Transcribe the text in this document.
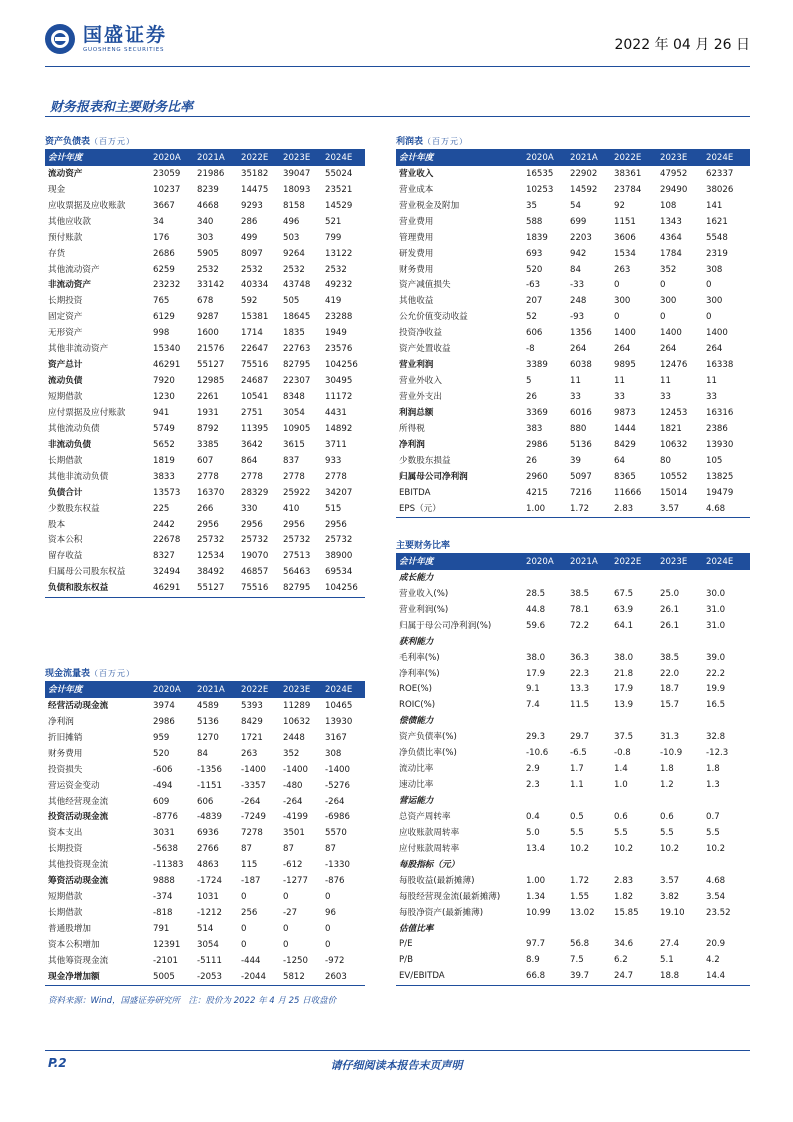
国盛证券
GUOSHENG SECURITIES	2022 年 04 月 26 日
财务报表和主要财务比率
资产负债表（百万元）
会计年度	2020A	2021A	2022E	2023E	2024E
流动资产	23059	21986	35182	39047	55024
现金	10237	8239	14475	18093	23521
应收票据及应收账款	3667	4668	9293	8158	14529
其他应收款	34	340	286	496	521
预付账款	176	303	499	503	799
存货	2686	5905	8097	9264	13122
其他流动资产	6259	2532	2532	2532	2532
非流动资产	23232	33142	40334	43748	49232
长期投资	765	678	592	505	419
固定资产	6129	9287	15381	18645	23288
无形资产	998	1600	1714	1835	1949
其他非流动资产	15340	21576	22647	22763	23576
资产总计	46291	55127	75516	82795	104256
流动负债	7920	12985	24687	22307	30495
短期借款	1230	2261	10541	8348	11172
应付票据及应付账款	941	1931	2751	3054	4431
其他流动负债	5749	8792	11395	10905	14892
非流动负债	5652	3385	3642	3615	3711
长期借款	1819	607	864	837	933
其他非流动负债	3833	2778	2778	2778	2778
负债合计	13573	16370	28329	25922	34207
少数股东权益	225	266	330	410	515
股本	2442	2956	2956	2956	2956
资本公积	22678	25732	25732	25732	25732
留存收益	8327	12534	19070	27513	38900
归属母公司股东权益	32494	38492	46857	56463	69534
负债和股东权益	46291	55127	75516	82795	104256
利润表（百万元）
会计年度	2020A	2021A	2022E	2023E	2024E
营业收入	16535	22902	38361	47952	62337
营业成本	10253	14592	23784	29490	38026
营业税金及附加	35	54	92	108	141
营业费用	588	699	1151	1343	1621
管理费用	1839	2203	3606	4364	5548
研发费用	693	942	1534	1784	2319
财务费用	520	84	263	352	308
资产减值损失	-63	-33	0	0	0
其他收益	207	248	300	300	300
公允价值变动收益	52	-93	0	0	0
投资净收益	606	1356	1400	1400	1400
资产处置收益	-8	264	264	264	264
营业利润	3389	6038	9895	12476	16338
营业外收入	5	11	11	11	11
营业外支出	26	33	33	33	33
利润总额	3369	6016	9873	12453	16316
所得税	383	880	1444	1821	2386
净利润	2986	5136	8429	10632	13930
少数股东损益	26	39	64	80	105
归属母公司净利润	2960	5097	8365	10552	13825
EBITDA	4215	7216	11666	15014	19479
EPS（元）	1.00	1.72	2.83	3.57	4.68
主要财务比率
会计年度	2020A	2021A	2022E	2023E	2024E
成长能力					
营业收入(%)	28.5	38.5	67.5	25.0	30.0
营业利润(%)	44.8	78.1	63.9	26.1	31.0
归属于母公司净利润(%)	59.6	72.2	64.1	26.1	31.0
获利能力					
毛利率(%)	38.0	36.3	38.0	38.5	39.0
净利率(%)	17.9	22.3	21.8	22.0	22.2
ROE(%)	9.1	13.3	17.9	18.7	19.9
ROIC(%)	7.4	11.5	13.9	15.7	16.5
偿债能力					
资产负债率(%)	29.3	29.7	37.5	31.3	32.8
净负债比率(%)	-10.6	-6.5	-0.8	-10.9	-12.3
流动比率	2.9	1.7	1.4	1.8	1.8
速动比率	2.3	1.1	1.0	1.2	1.3
营运能力					
总资产周转率	0.4	0.5	0.6	0.6	0.7
应收账款周转率	5.0	5.5	5.5	5.5	5.5
应付账款周转率	13.4	10.2	10.2	10.2	10.2
每股指标（元）					
每股收益(最新摊薄)	1.00	1.72	2.83	3.57	4.68
每股经营现金流(最新摊薄)	1.34	1.55	1.82	3.82	3.54
每股净资产(最新摊薄)	10.99	13.02	15.85	19.10	23.52
估值比率					
P/E	97.7	56.8	34.6	27.4	20.9
P/B	8.9	7.5	6.2	5.1	4.2
EV/EBITDA	66.8	39.7	24.7	18.8	14.4
现金流量表（百万元）
会计年度	2020A	2021A	2022E	2023E	2024E
经营活动现金流	3974	4589	5393	11289	10465
净利润	2986	5136	8429	10632	13930
折旧摊销	959	1270	1721	2448	3167
财务费用	520	84	263	352	308
投资损失	-606	-1356	-1400	-1400	-1400
营运资金变动	-494	-1151	-3357	-480	-5276
其他经营现金流	609	606	-264	-264	-264
投资活动现金流	-8776	-4839	-7249	-4199	-6986
资本支出	3031	6936	7278	3501	5570
长期投资	-5638	2766	87	87	87
其他投资现金流	-11383	4863	115	-612	-1330
筹资活动现金流	9888	-1724	-187	-1277	-876
短期借款	-374	1031	0	0	0
长期借款	-818	-1212	256	-27	96
普通股增加	791	514	0	0	0
资本公积增加	12391	3054	0	0	0
其他筹资现金流	-2101	-5111	-444	-1250	-972
现金净增加额	5005	-2053	-2044	5812	2603
资料来源：Wind，国盛证券研究所　注：股价为 2022 年 4 月 25 日收盘价
P.2	请仔细阅读本报告末页声明
